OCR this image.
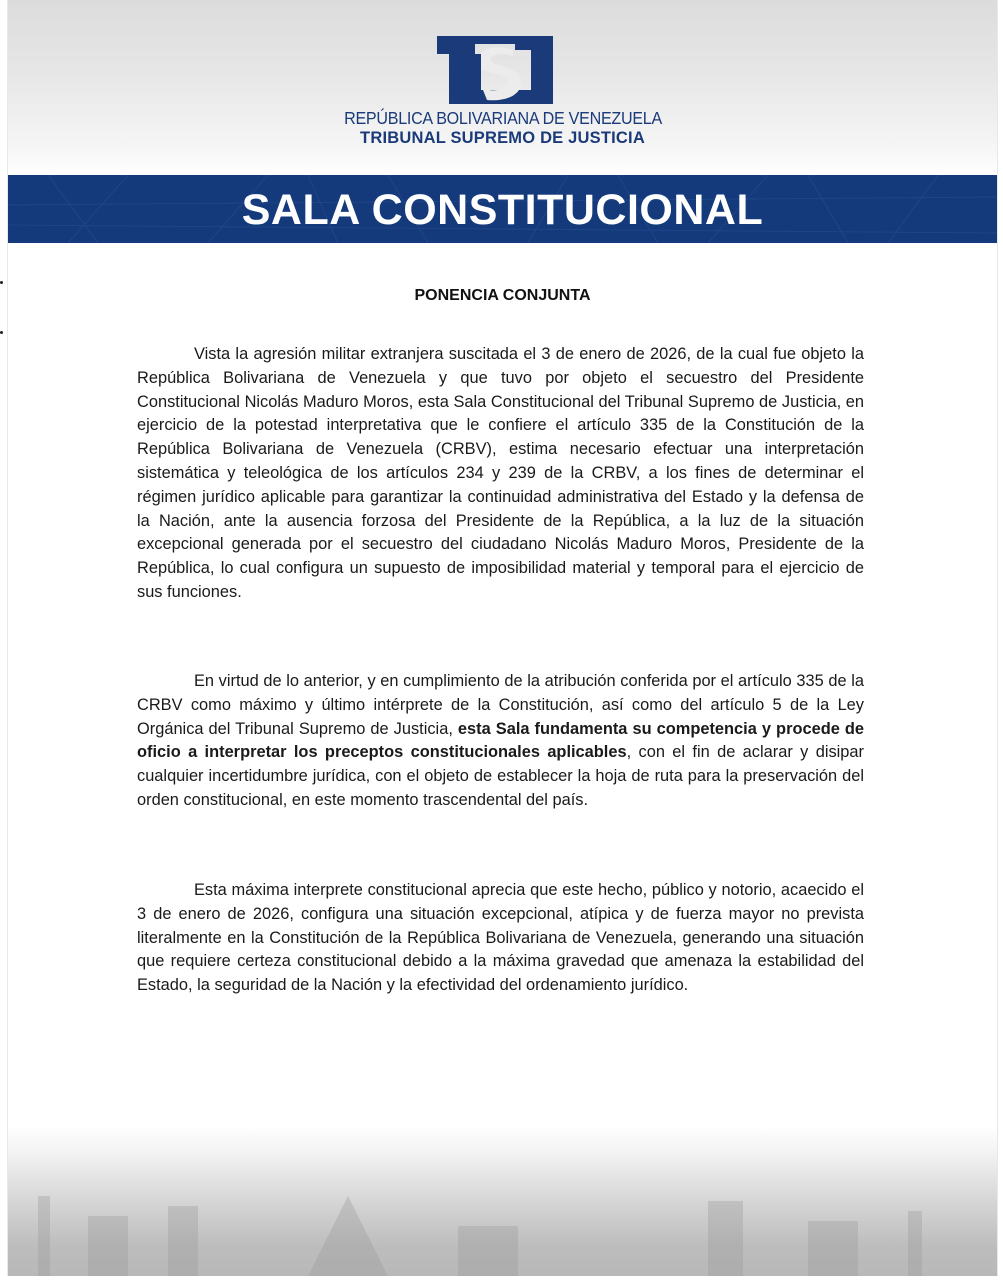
REPÚBLICA BOLIVARIANA DE VENEZUELA
TRIBUNAL SUPREMO DE JUSTICIA
SALA CONSTITUCIONAL
PONENCIA CONJUNTA
Vista la agresión militar extranjera suscitada el 3 de enero de 2026, de la cual fue objeto la República Bolivariana de Venezuela y que tuvo por objeto el secuestro del Presidente Constitucional Nicolás Maduro Moros, esta Sala Constitucional del Tribunal Supremo de Justicia, en ejercicio de la potestad interpretativa que le confiere el artículo 335 de la Constitución de la República Bolivariana de Venezuela (CRBV), estima necesario efectuar una interpretación sistemática y teleológica de los artículos 234 y 239 de la CRBV, a los fines de determinar el régimen jurídico aplicable para garantizar la continuidad administrativa del Estado y la defensa de la Nación, ante la ausencia forzosa del Presidente de la República, a la luz de la situación excepcional generada por el secuestro del ciudadano Nicolás Maduro Moros, Presidente de la República, lo cual configura un supuesto de imposibilidad material y temporal para el ejercicio de sus funciones.
En virtud de lo anterior, y en cumplimiento de la atribución conferida por el artículo 335 de la CRBV como máximo y último intérprete de la Constitución, así como del artículo 5 de la Ley Orgánica del Tribunal Supremo de Justicia, esta Sala fundamenta su competencia y procede de oficio a interpretar los preceptos constitucionales aplicables, con el fin de aclarar y disipar cualquier incertidumbre jurídica, con el objeto de establecer la hoja de ruta para la preservación del orden constitucional, en este momento trascendental del país.
Esta máxima interprete constitucional aprecia que este hecho, público y notorio, acaecido el 3 de enero de 2026, configura una situación excepcional, atípica y de fuerza mayor no prevista literalmente en la Constitución de la República Bolivariana de Venezuela, generando una situación que requiere certeza constitucional debido a la máxima gravedad que amenaza la estabilidad del Estado, la seguridad de la Nación y la efectividad del ordenamiento jurídico.
